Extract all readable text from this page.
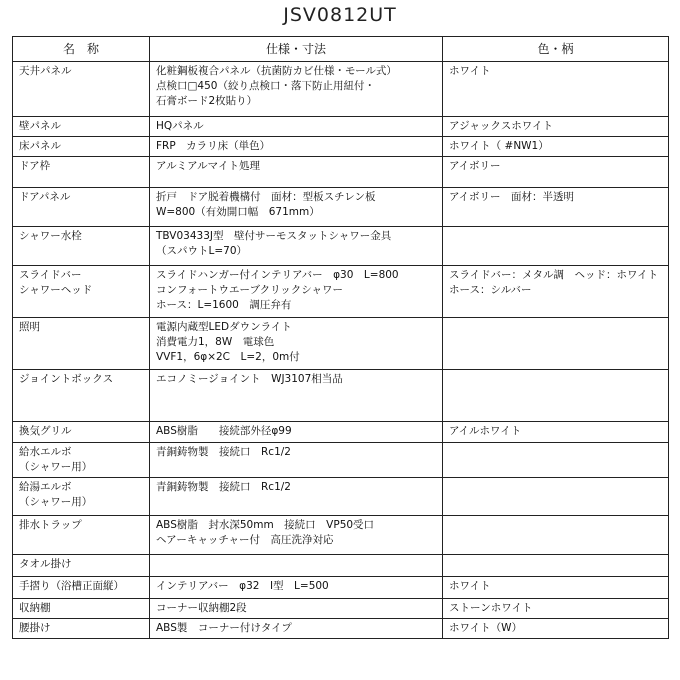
JSV0812UT
名　称	仕様・寸法	色・柄

天井パネル	化粧鋼板複合パネル（抗菌防カビ仕様・モール式）
点検口□450（絞り点検口・落下防止用紐付・
石膏ボード2枚貼り）	ホワイト

壁パネル	HQパネル	アジャックスホワイト

床パネル	FRP　カラリ床（単色）	ホワイト（ #NW1）

ドア枠	アルミアルマイト処理	アイボリー

ドアパネル	折戸　ドア脱着機構付　面材：型板スチレン板
W=800（有効開口幅　671mm）	アイボリー　面材：半透明

シャワー水栓	TBV03433J型　壁付サーモスタットシャワー金具
（スパウトL=70）	

スライドバー
シャワーヘッド	スライドハンガー付インテリアバー　φ30　L=800
コンフォートウエーブクリックシャワー
ホース：L=1600　調圧弁有	スライドバー：メタル調　ヘッド：ホワイト
ホース：シルバー

照明	電源内蔵型LEDダウンライト
消費電力1，8W　電球色
VVF1，6φ×2C　L=2，0m付	

ジョイントボックス	エコノミージョイント　WJ3107相当品	

換気グリル	ABS樹脂　　接続部外径φ99	アイルホワイト

給水エルボ
（シャワー用）	青銅鋳物製　接続口　Rc1/2	

給湯エルボ
（シャワー用）	青銅鋳物製　接続口　Rc1/2	

排水トラップ	ABS樹脂　封水深50mm　接続口　VP50受口
ヘアーキャッチャー付　高圧洗浄対応	

タオル掛け		

手摺り（浴槽正面縦）	インテリアバー　φ32　I型　L=500	ホワイト

収納棚	コーナー収納棚2段	ストーンホワイト

腰掛け	ABS製　コーナー付けタイプ	ホワイト（W）
